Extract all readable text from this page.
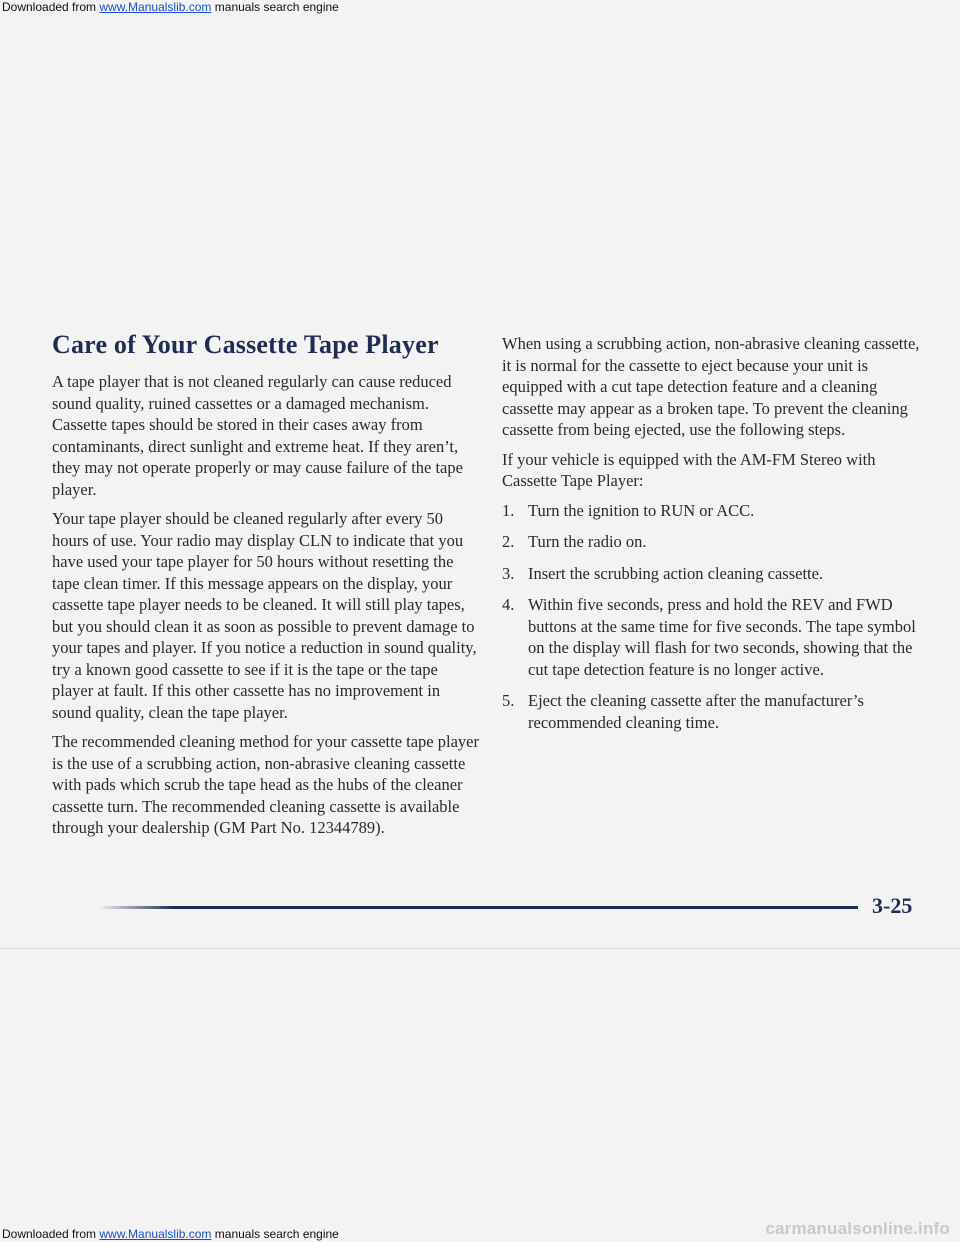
Downloaded from www.Manualslib.com manuals search engine
Care of Your Cassette Tape Player

A tape player that is not cleaned regularly can cause reduced sound quality, ruined cassettes or a damaged mechanism. Cassette tapes should be stored in their cases away from contaminants, direct sunlight and extreme heat. If they aren’t, they may not operate properly or may cause failure of the tape player.

Your tape player should be cleaned regularly after every 50 hours of use. Your radio may display CLN to indicate that you have used your tape player for 50 hours without resetting the tape clean timer. If this message appears on the display, your cassette tape player needs to be cleaned. It will still play tapes, but you should clean it as soon as possible to prevent damage to your tapes and player. If you notice a reduction in sound quality, try a known good cassette to see if it is the tape or the tape player at fault. If this other cassette has no improvement in sound quality, clean the tape player.

The recommended cleaning method for your cassette tape player is the use of a scrubbing action, non-abrasive cleaning cassette with pads which scrub the tape head as the hubs of the cleaner cassette turn. The recommended cleaning cassette is available through your dealership (GM Part No. 12344789).

When using a scrubbing action, non-abrasive cleaning cassette, it is normal for the cassette to eject because your unit is equipped with a cut tape detection feature and a cleaning cassette may appear as a broken tape. To prevent the cleaning cassette from being ejected, use the following steps.

If your vehicle is equipped with the AM-FM Stereo with Cassette Tape Player:

1. Turn the ignition to RUN or ACC.
2. Turn the radio on.
3. Insert the scrubbing action cleaning cassette.
4. Within five seconds, press and hold the REV and FWD buttons at the same time for five seconds. The tape symbol on the display will flash for two seconds, showing that the cut tape detection feature is no longer active.
5. Eject the cleaning cassette after the manufacturer’s recommended cleaning time.
3-25
Downloaded from www.Manualslib.com manuals search engine	carmanualsonline.info
